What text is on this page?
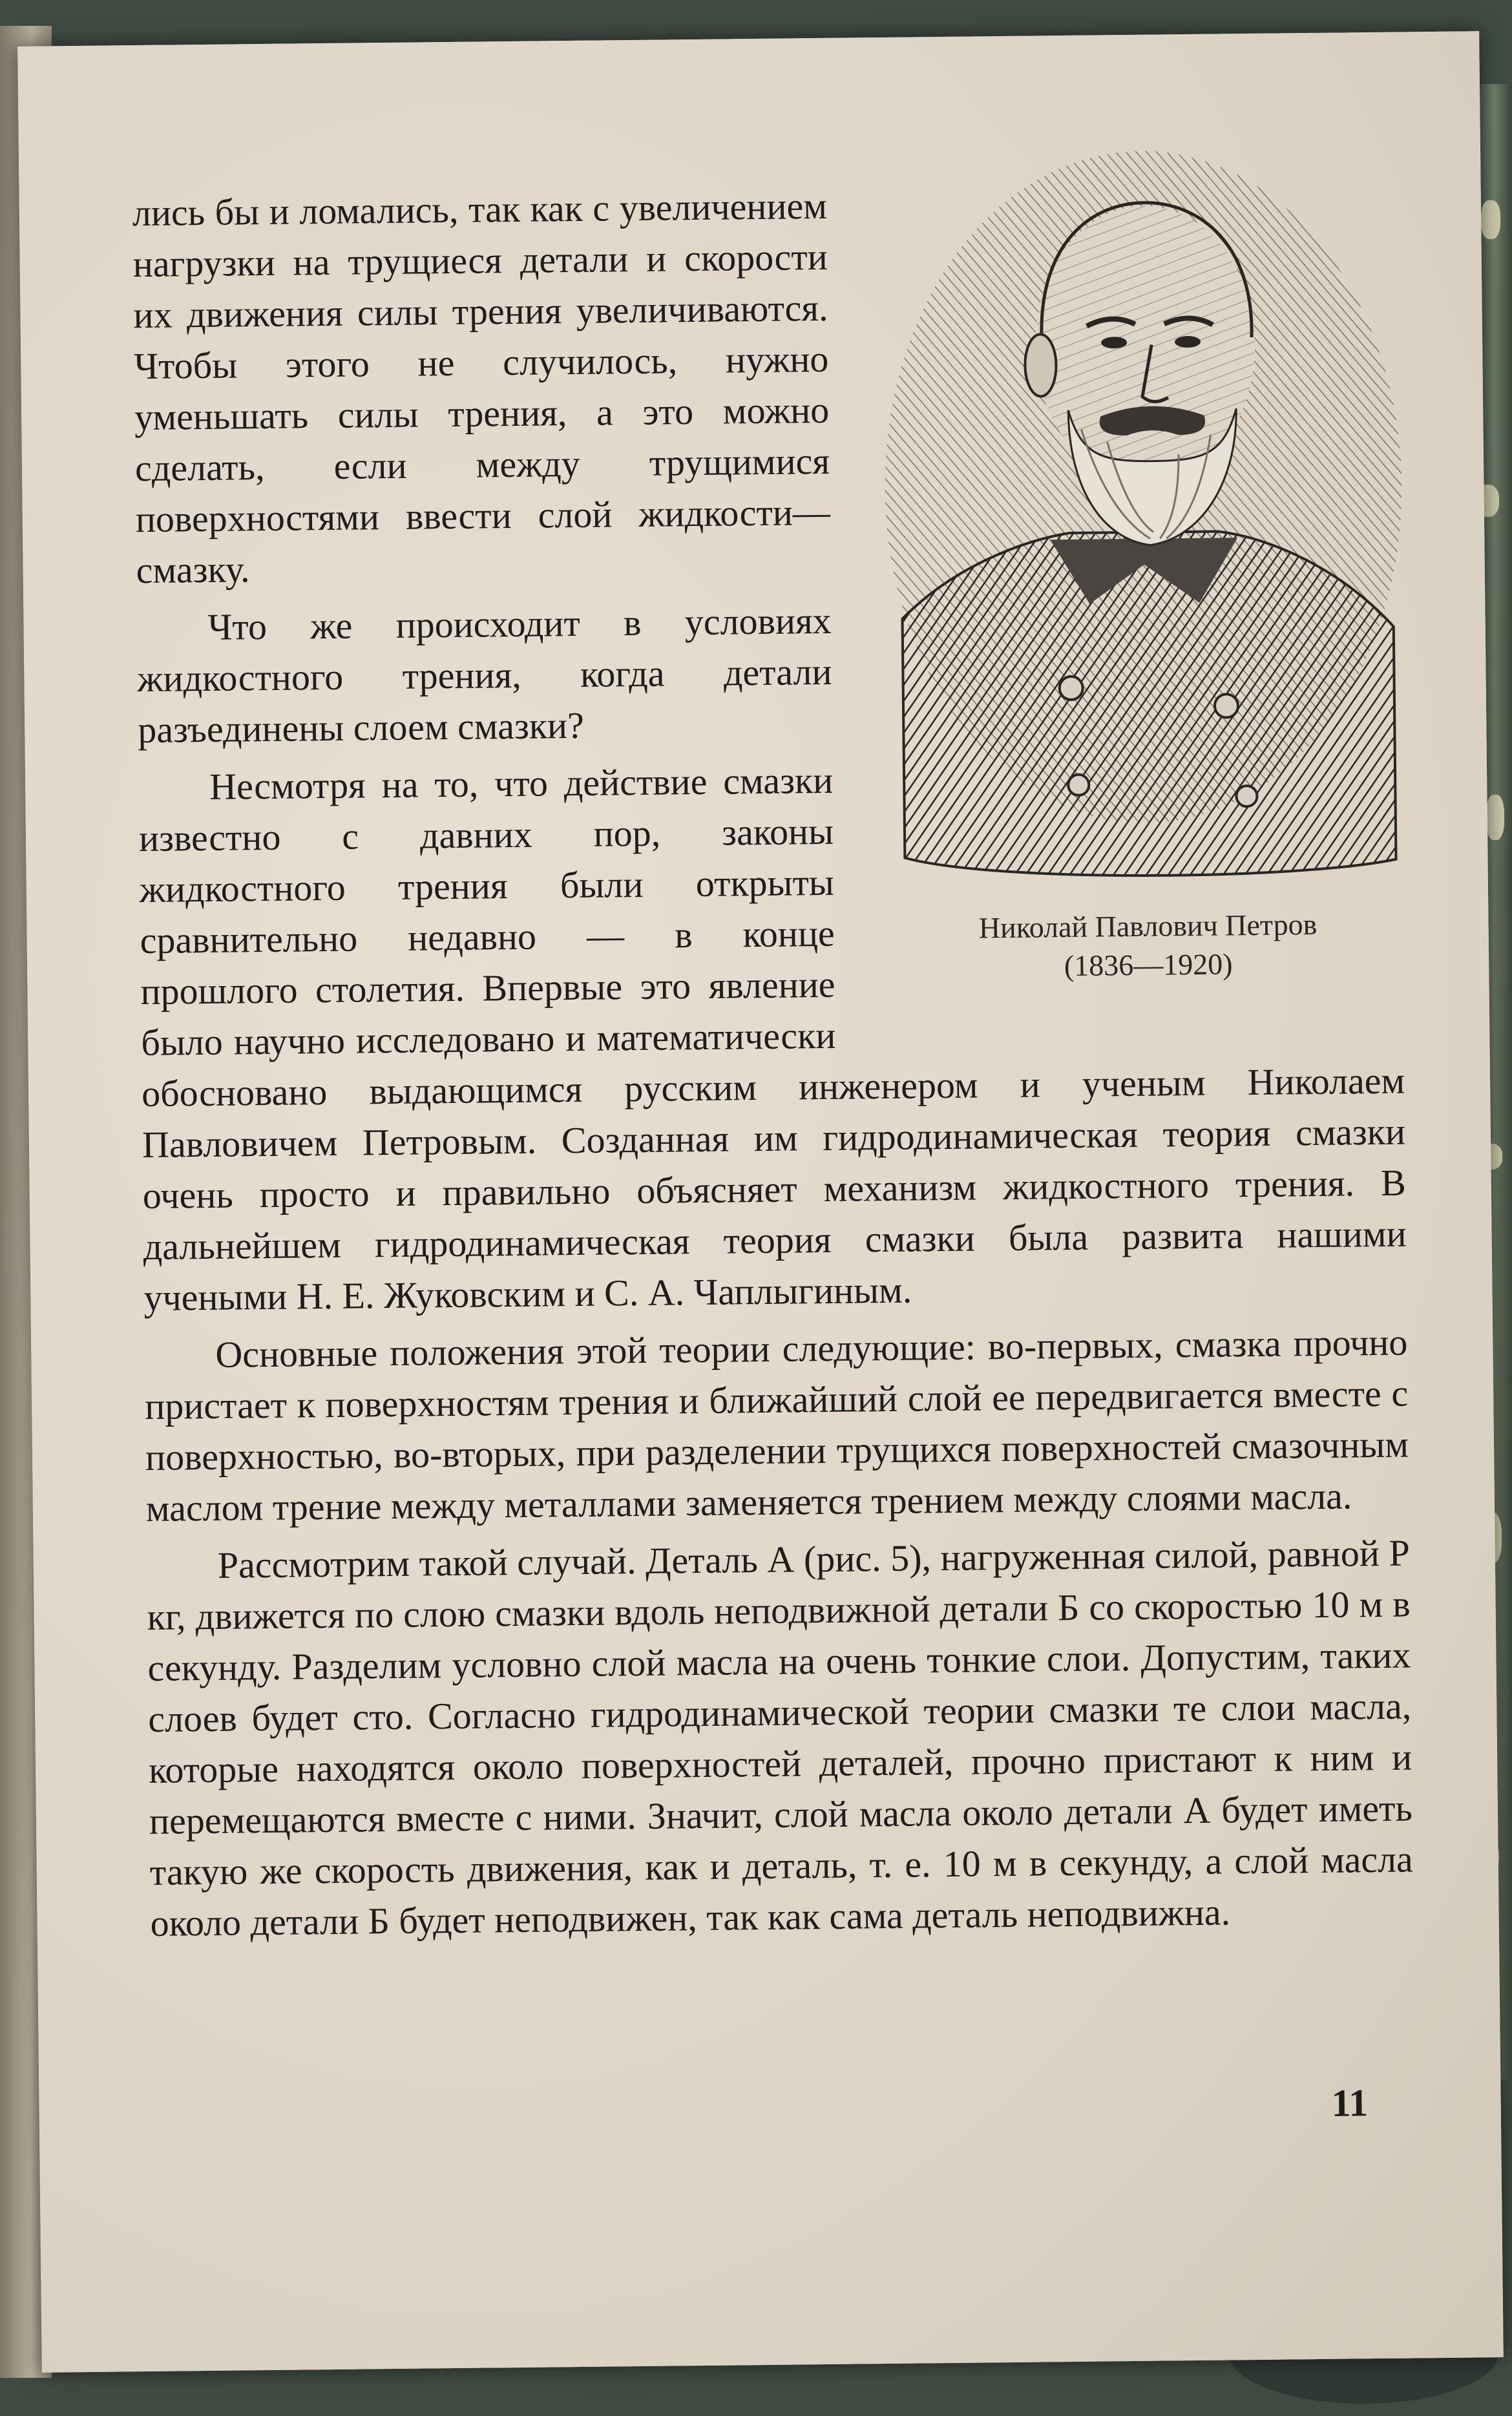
Николай Павлович Петров
(1836—1920)

лись бы и ломались, так как с увеличением нагрузки на трущиеся детали и скорости их движения силы трения увеличиваются. Чтобы этого не случилось, нужно уменьшать силы трения, а это можно сделать, если между трущимися поверхностями ввести слой жидкости—смазку.

Что же происходит в условиях жидкостного трения, когда детали разъединены слоем смазки?

Несмотря на то, что действие смазки известно с давних пор, законы жидкостного трения были открыты сравнительно недавно — в конце прошлого столетия. Впервые это явление было научно исследовано и математически обосновано выдающимся русским инженером и ученым Николаем Павловичем Петровым. Созданная им гидродинамическая теория смазки очень просто и правильно объясняет механизм жидкостного трения. В дальнейшем гидродинамическая теория смазки была развита нашими учеными Н. Е. Жуковским и С. А. Чаплыгиным.

Основные положения этой теории следующие: во-первых, смазка прочно пристает к поверхностям трения и ближайший слой ее передвигается вместе с поверхностью, во-вторых, при разделении трущихся поверхностей смазочным маслом трение между металлами заменяется трением между слоями масла.

Рассмотрим такой случай. Деталь А (рис. 5), нагруженная силой, равной Р кг, движется по слою смазки вдоль неподвижной детали Б со скоростью 10 м в секунду. Разделим условно слой масла на очень тонкие слои. Допустим, таких слоев будет сто. Согласно гидродинамической теории смазки те слои масла, которые находятся около поверхностей деталей, прочно пристают к ним и перемещаются вместе с ними. Значит, слой масла около детали А будет иметь такую же скорость движения, как и деталь, т. е. 10 м в секунду, а слой масла около детали Б будет неподвижен, так как сама деталь неподвижна.

11
